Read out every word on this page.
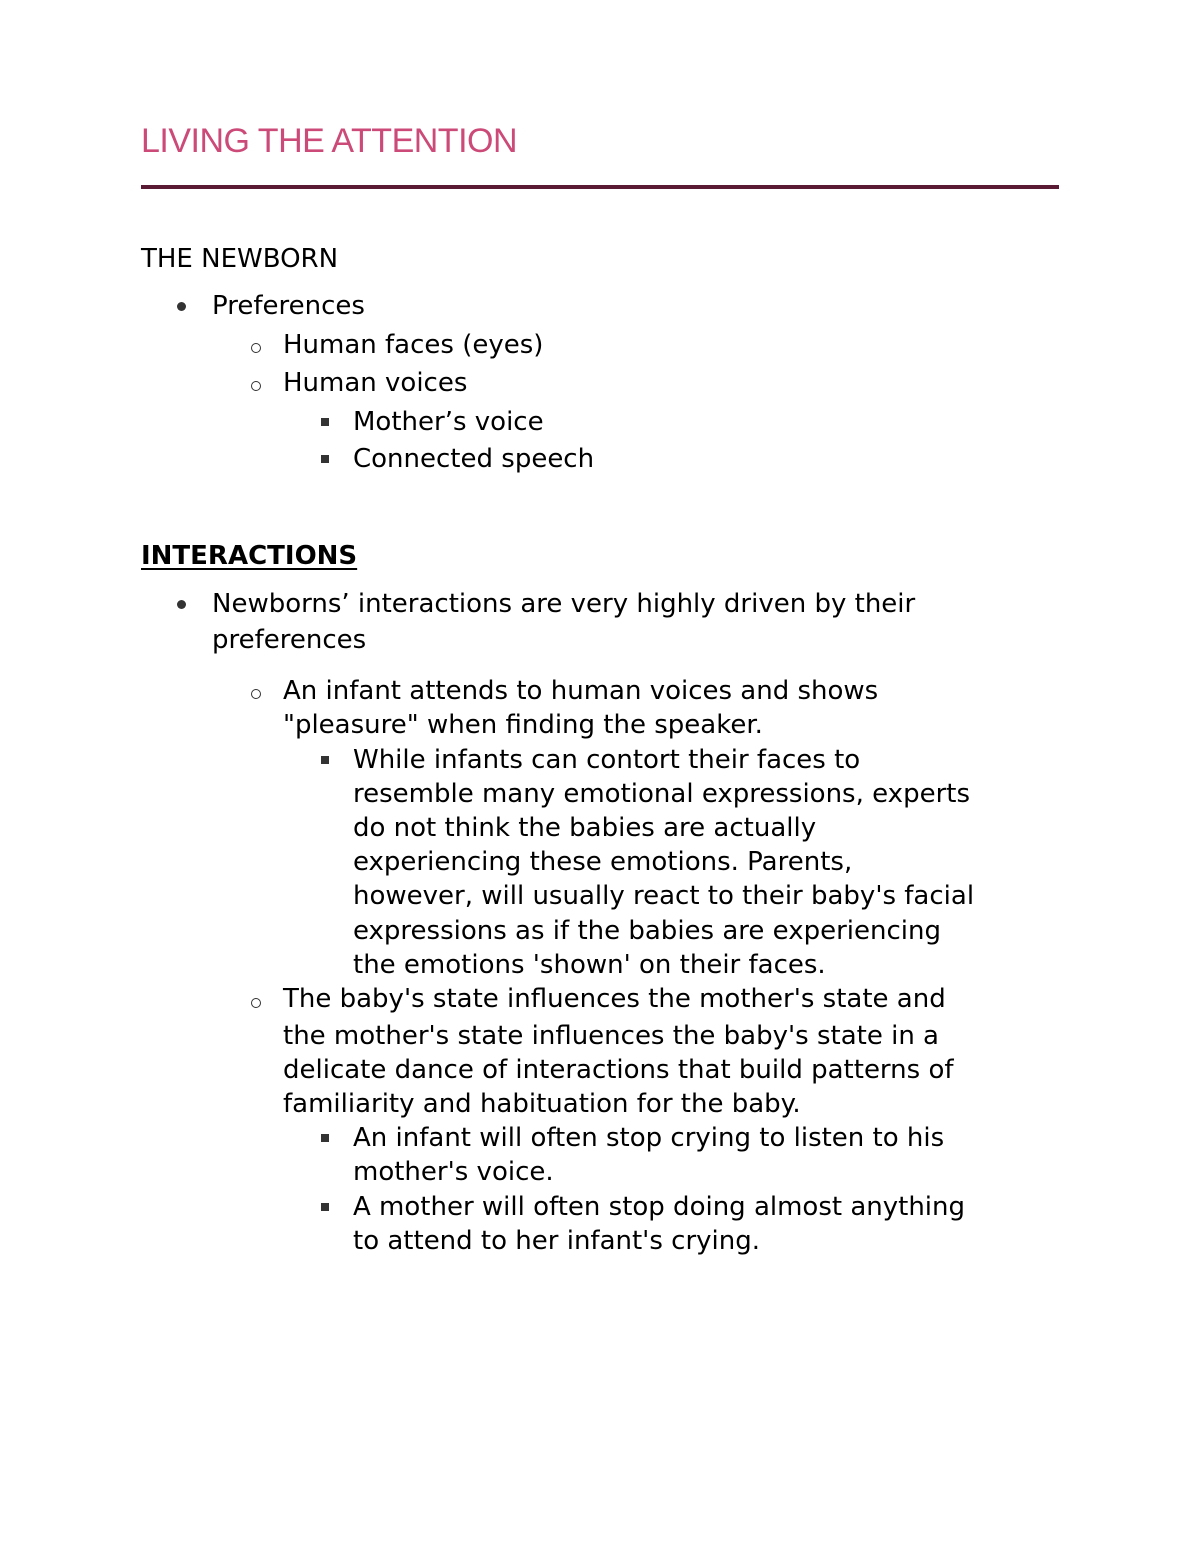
LIVING THE ATTENTION
THE NEWBORN
Preferences
Human faces (eyes)
Human voices
Mother’s voice
Connected speech
INTERACTIONS
Newborns’ interactions are very highly driven by their
preferences
An infant attends to human voices and shows
"pleasure" when finding the speaker.
While infants can contort their faces to
resemble many emotional expressions, experts
do not think the babies are actually
experiencing these emotions. Parents,
however, will usually react to their baby's facial
expressions as if the babies are experiencing
the emotions 'shown' on their faces.
The baby's state influences the mother's state and
the mother's state influences the baby's state in a
delicate dance of interactions that build patterns of
familiarity and habituation for the baby.
An infant will often stop crying to listen to his
mother's voice.
A mother will often stop doing almost anything
to attend to her infant's crying.
